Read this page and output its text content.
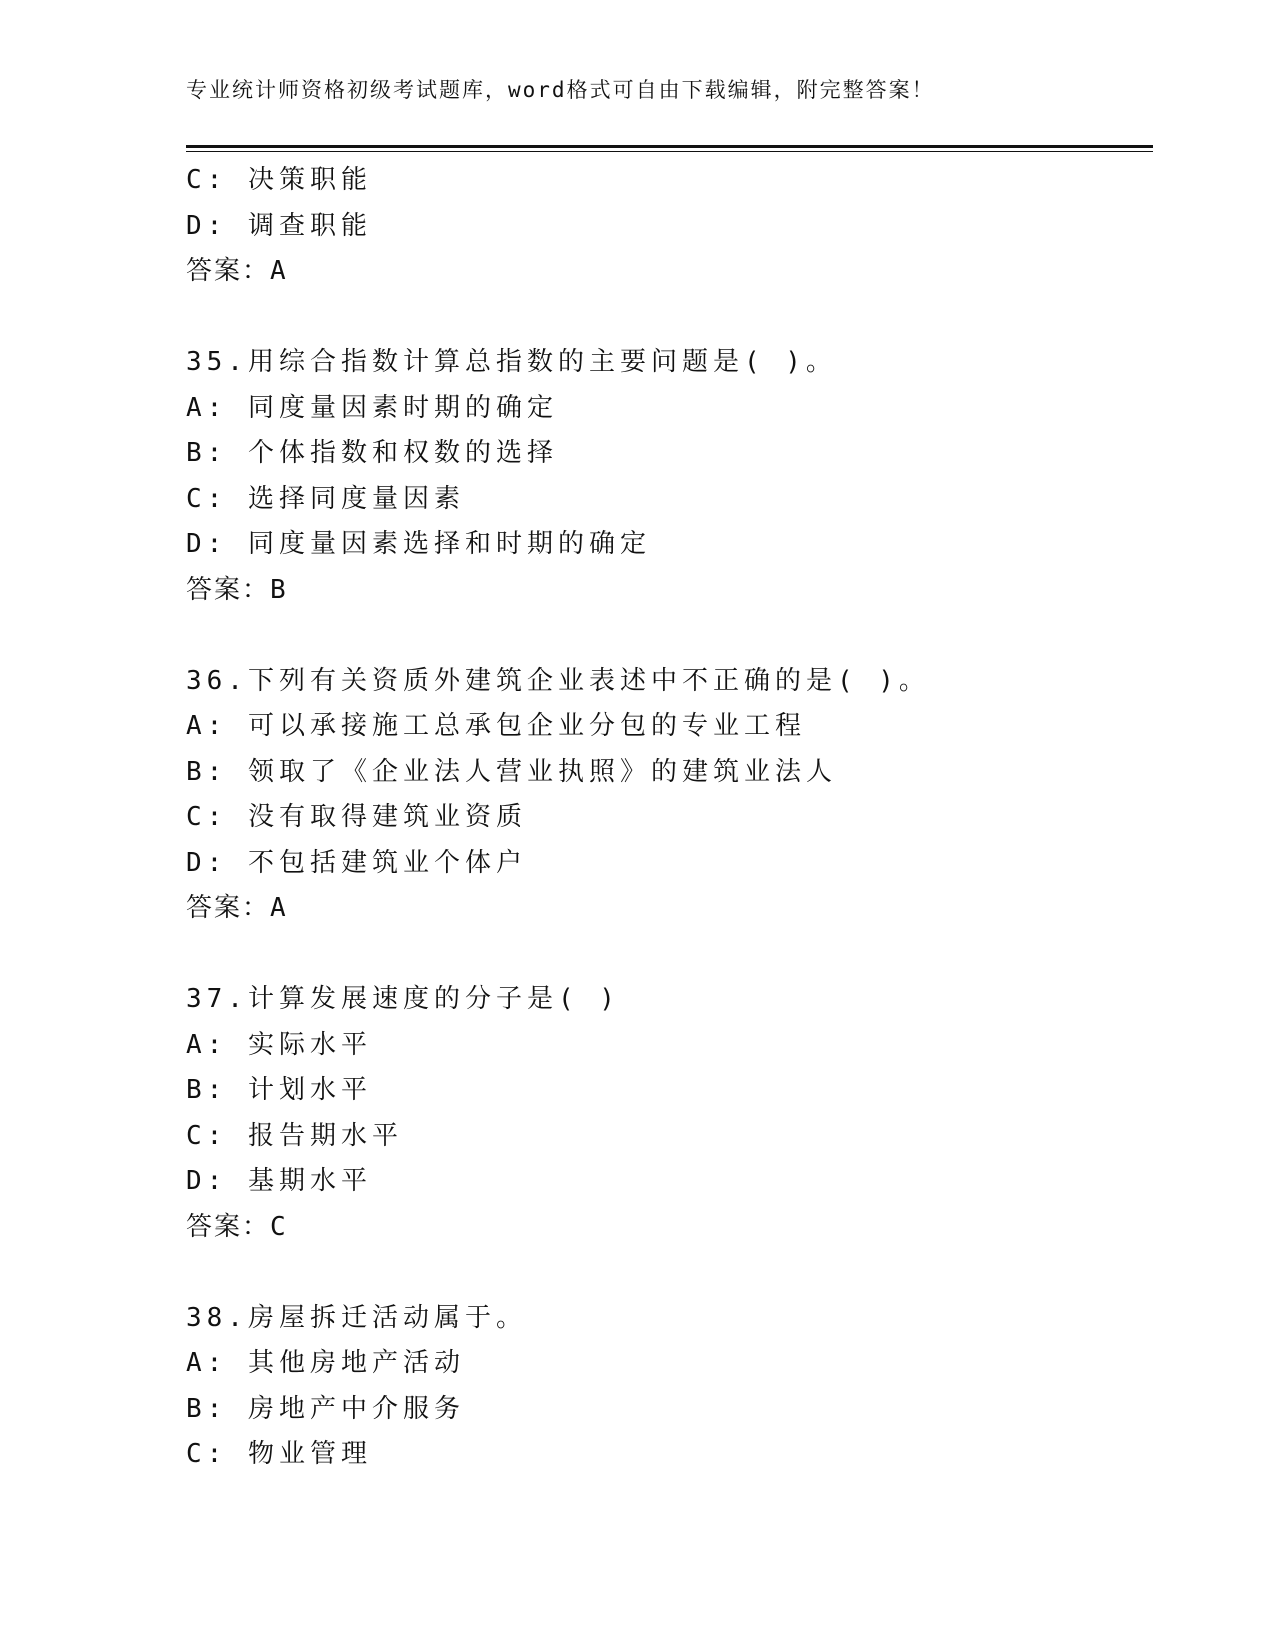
专业统计师资格初级考试题库，word格式可自由下载编辑，附完整答案！
C: 决策职能
D: 调查职能
答案：A
35.用综合指数计算总指数的主要问题是( )。
A: 同度量因素时期的确定
B: 个体指数和权数的选择
C: 选择同度量因素
D: 同度量因素选择和时期的确定
答案：B
36.下列有关资质外建筑企业表述中不正确的是( )。
A: 可以承接施工总承包企业分包的专业工程
B: 领取了《企业法人营业执照》的建筑业法人
C: 没有取得建筑业资质
D: 不包括建筑业个体户
答案：A
37.计算发展速度的分子是( )
A: 实际水平
B: 计划水平
C: 报告期水平
D: 基期水平
答案：C
38.房屋拆迁活动属于。
A: 其他房地产活动
B: 房地产中介服务
C: 物业管理
